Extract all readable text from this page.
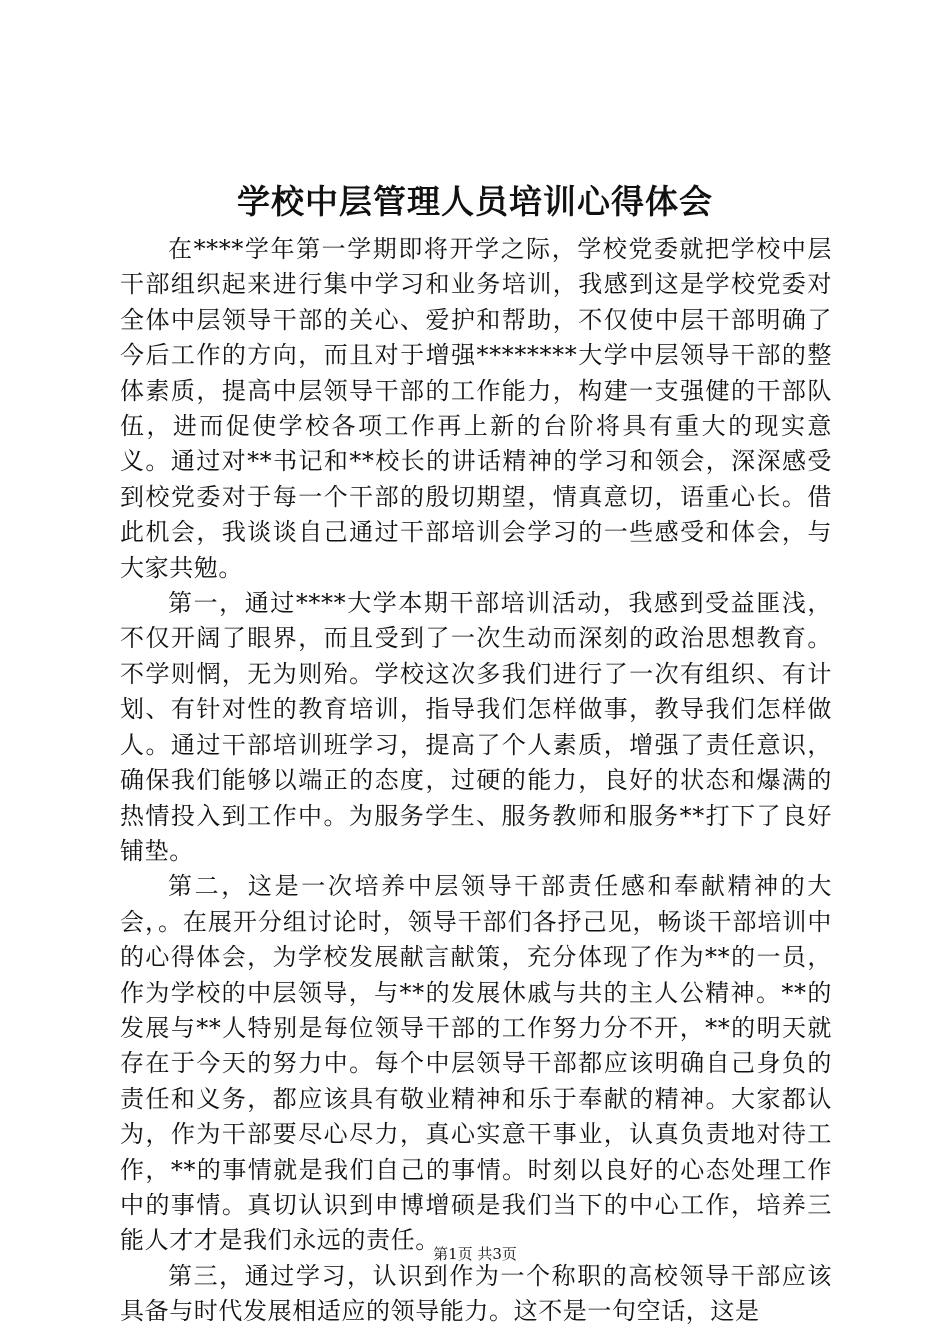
学校中层管理人员培训心得体会

在****学年第一学期即将开学之际，学校党委就把学校中层干部组织起来进行集中学习和业务培训，我感到这是学校党委对全体中层领导干部的关心、爱护和帮助，不仅使中层干部明确了今后工作的方向，而且对于增强********大学中层领导干部的整体素质，提高中层领导干部的工作能力，构建一支强健的干部队伍，进而促使学校各项工作再上新的台阶将具有重大的现实意义。通过对**书记和**校长的讲话精神的学习和领会，深深感受到校党委对于每一个干部的殷切期望，情真意切，语重心长。借此机会，我谈谈自己通过干部培训会学习的一些感受和体会，与大家共勉。

第一，通过****大学本期干部培训活动，我感到受益匪浅，不仅开阔了眼界，而且受到了一次生动而深刻的政治思想教育。不学则惘，无为则殆。学校这次多我们进行了一次有组织、有计划、有针对性的教育培训，指导我们怎样做事，教导我们怎样做人。通过干部培训班学习，提高了个人素质，增强了责任意识，确保我们能够以端正的态度，过硬的能力，良好的状态和爆满的热情投入到工作中。为服务学生、服务教师和服务**打下了良好铺垫。

第二，这是一次培养中层领导干部责任感和奉献精神的大会，。在展开分组讨论时，领导干部们各抒己见，畅谈干部培训中的心得体会，为学校发展献言献策，充分体现了作为**的一员，作为学校的中层领导，与**的发展休戚与共的主人公精神。**的发展与**人特别是每位领导干部的工作努力分不开，**的明天就存在于今天的努力中。每个中层领导干部都应该明确自己身负的责任和义务，都应该具有敬业精神和乐于奉献的精神。大家都认为，作为干部要尽心尽力，真心实意干事业，认真负责地对待工作，**的事情就是我们自己的事情。时刻以良好的心态处理工作中的事情。真切认识到申博增硕是我们当下的中心工作，培养三能人才才是我们永远的责任。

第三，通过学习，认识到作为一个称职的高校领导干部应该具备与时代发展相适应的领导能力。这不是一句空话，这是

第1页 共3页
